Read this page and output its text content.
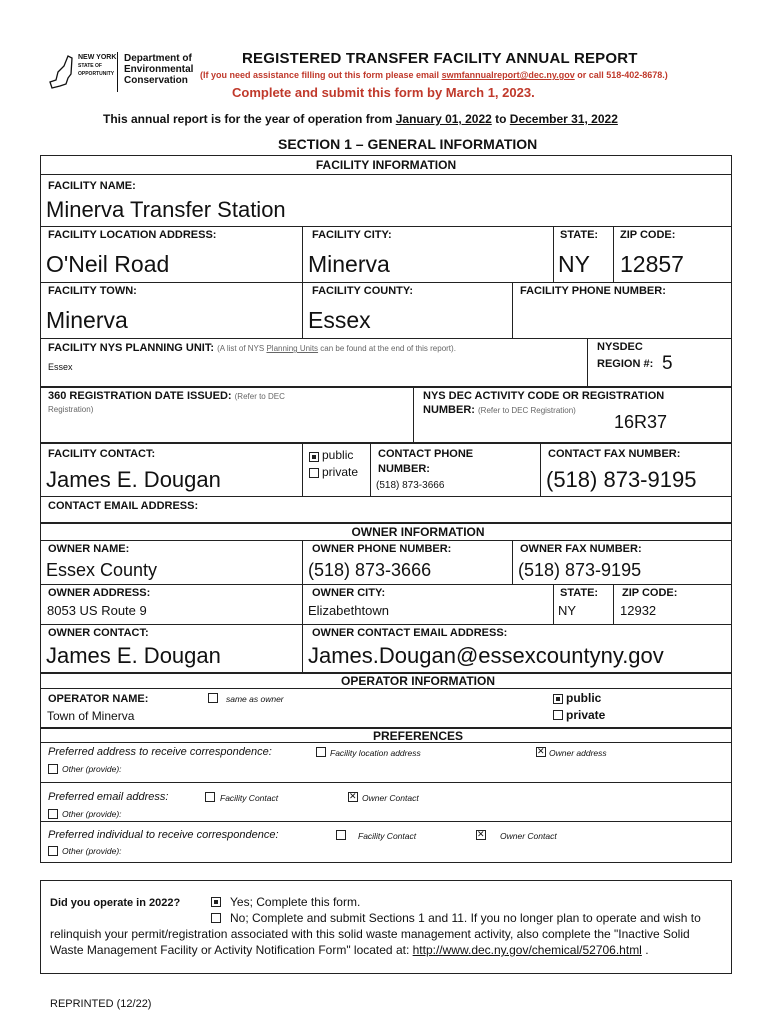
NEW YORK
STATE OF
OPPORTUNITY
Department of
Environmental
Conservation
REGISTERED TRANSFER FACILITY ANNUAL REPORT
(If you need assistance filling out this form please email swmfannualreport@dec.ny.gov or call 518-402-8678.)
Complete and submit this form by March 1, 2023.
This annual report is for the year of operation from January 01, 2022 to December 31, 2022
SECTION 1 – GENERAL INFORMATION
FACILITY INFORMATION
FACILITY NAME:
Minerva Transfer Station
FACILITY LOCATION ADDRESS:
O'Neil Road
FACILITY CITY:
Minerva
STATE:
NY
ZIP CODE:
12857
FACILITY TOWN:
Minerva
FACILITY COUNTY:
Essex
FACILITY PHONE NUMBER:
FACILITY NYS PLANNING UNIT: (A list of NYS Planning Units can be found at the end of this report).
Essex
NYSDEC
REGION #: 5
360 REGISTRATION DATE ISSUED: (Refer to DEC
Registration)
NYS DEC ACTIVITY CODE OR REGISTRATION
NUMBER: (Refer to DEC Registration)
16R37
FACILITY CONTACT:
James E. Dougan
public
private
CONTACT PHONE
NUMBER:
(518) 873-3666
CONTACT FAX NUMBER:
(518) 873-9195
CONTACT EMAIL ADDRESS:
OWNER INFORMATION
OWNER NAME:
Essex County
OWNER PHONE NUMBER:
(518) 873-3666
OWNER FAX NUMBER:
(518) 873-9195
OWNER ADDRESS:
8053 US Route 9
OWNER CITY:
Elizabethtown
STATE:
NY
ZIP CODE:
12932
OWNER CONTACT:
James E. Dougan
OWNER CONTACT EMAIL ADDRESS:
James.Dougan@essexcountyny.gov
OPERATOR INFORMATION
OPERATOR NAME:	same as owner
Town of Minerva
public
private
PREFERENCES
Preferred address to receive correspondence:	Facility location address ✕	Owner address
Other (provide):
Preferred email address:	Facility Contact ✕	Owner Contact
Other (provide):
Preferred individual to receive correspondence:	Facility Contact ✕	Owner Contact
Other (provide):
Did you operate in 2022?	Yes; Complete this form.
No; Complete and submit Sections 1 and 11. If you no longer plan to operate and wish to
relinquish your permit/registration associated with this solid waste management activity, also complete the "Inactive Solid
Waste Management Facility or Activity Notification Form" located at: http://www.dec.ny.gov/chemical/52706.html .
REPRINTED (12/22)
